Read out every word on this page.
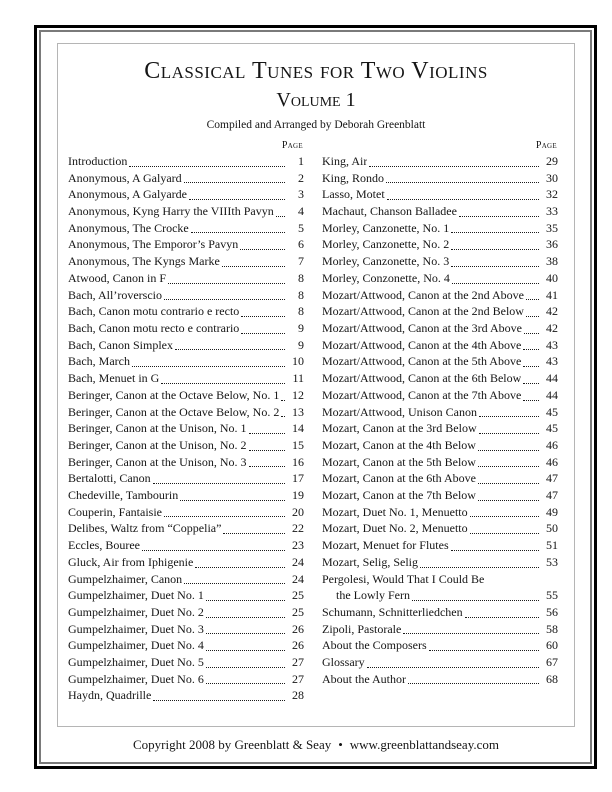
Classical Tunes for Two Violins
Volume 1
Compiled and Arranged by Deborah Greenblatt
Page
Introduction	1
Anonymous, A Galyard	2
Anonymous, A Galyarde	3
Anonymous, Kyng Harry the VIIIth Pavyn	4
Anonymous, The Crocke	5
Anonymous, The Emporor’s Pavyn	6
Anonymous, The Kyngs Marke	7
Atwood, Canon in F	8
Bach, All’roverscio	8
Bach, Canon motu contrario e recto	8
Bach, Canon motu recto e contrario	9
Bach, Canon Simplex	9
Bach, March	10
Bach, Menuet in G	11
Beringer, Canon at the Octave Below, No. 1	12
Beringer, Canon at the Octave Below, No. 2	13
Beringer, Canon at the Unison, No. 1	14
Beringer, Canon at the Unison, No. 2	15
Beringer, Canon at the Unison, No. 3	16
Bertalotti, Canon	17
Chedeville, Tambourin	19
Couperin, Fantaisie	20
Delibes, Waltz from “Coppelia”	22
Eccles, Bouree	23
Gluck, Air from Iphigenie	24
Gumpelzhaimer, Canon	24
Gumpelzhaimer, Duet No. 1	25
Gumpelzhaimer, Duet No. 2	25
Gumpelzhaimer, Duet No. 3	26
Gumpelzhaimer, Duet No. 4	26
Gumpelzhaimer, Duet No. 5	27
Gumpelzhaimer, Duet No. 6	27
Haydn, Quadrille	28
Page
King, Air	29
King, Rondo	30
Lasso, Motet	32
Machaut, Chanson Balladee	33
Morley, Canzonette, No. 1	35
Morley, Canzonette, No. 2	36
Morley, Canzonette, No. 3	38
Morley, Conzonette, No. 4	40
Mozart/Attwood, Canon at the 2nd Above	41
Mozart/Attwood, Canon at the 2nd Below	42
Mozart/Attwood, Canon at the 3rd Above	42
Mozart/Attwood, Canon at the 4th Above	43
Mozart/Attwood, Canon at the 5th Above	43
Mozart/Attwood, Canon at the 6th Below	44
Mozart/Attwood, Canon at the 7th Above	44
Mozart/Attwood, Unison Canon	45
Mozart, Canon at the 3rd Below	45
Mozart, Canon at the 4th Below	46
Mozart, Canon at the 5th Below	46
Mozart, Canon at the 6th Above	47
Mozart, Canon at the 7th Below	47
Mozart, Duet No. 1, Menuetto	49
Mozart, Duet No. 2, Menuetto	50
Mozart, Menuet for Flutes	51
Mozart, Selig, Selig	53
Pergolesi, Would That I Could Be
the Lowly Fern	55
Schumann, Schnitterliedchen	56
Zipoli, Pastorale	58
About the Composers	60
Glossary	67
About the Author	68
Copyright 2008 by Greenblatt & Seay • www.greenblattandseay.com
